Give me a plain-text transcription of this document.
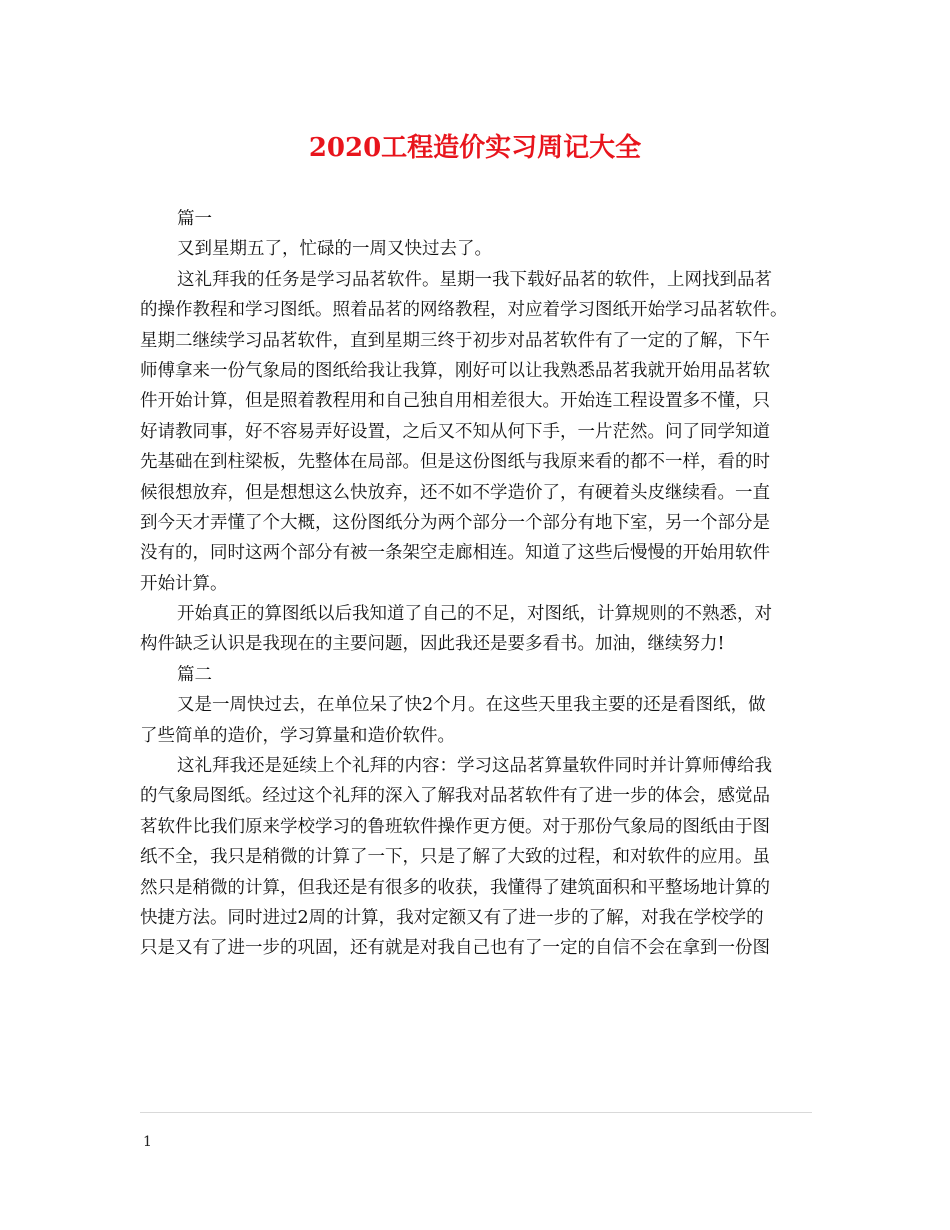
2020工程造价实习周记大全
篇一
又到星期五了，忙碌的一周又快过去了。
这礼拜我的任务是学习品茗软件。星期一我下载好品茗的软件，上网找到品茗
的操作教程和学习图纸。照着品茗的网络教程，对应着学习图纸开始学习品茗软件。
星期二继续学习品茗软件，直到星期三终于初步对品茗软件有了一定的了解，下午
师傅拿来一份气象局的图纸给我让我算，刚好可以让我熟悉品茗我就开始用品茗软
件开始计算，但是照着教程用和自己独自用相差很大。开始连工程设置多不懂，只
好请教同事，好不容易弄好设置，之后又不知从何下手，一片茫然。问了同学知道
先基础在到柱梁板，先整体在局部。但是这份图纸与我原来看的都不一样，看的时
候很想放弃，但是想想这么快放弃，还不如不学造价了，有硬着头皮继续看。一直
到今天才弄懂了个大概，这份图纸分为两个部分一个部分有地下室，另一个部分是
没有的，同时这两个部分有被一条架空走廊相连。知道了这些后慢慢的开始用软件
开始计算。
开始真正的算图纸以后我知道了自己的不足，对图纸，计算规则的不熟悉，对
构件缺乏认识是我现在的主要问题，因此我还是要多看书。加油，继续努力!
篇二
又是一周快过去，在单位呆了快2个月。在这些天里我主要的还是看图纸，做
了些简单的造价，学习算量和造价软件。
这礼拜我还是延续上个礼拜的内容：学习这品茗算量软件同时并计算师傅给我
的气象局图纸。经过这个礼拜的深入了解我对品茗软件有了进一步的体会，感觉品
茗软件比我们原来学校学习的鲁班软件操作更方便。对于那份气象局的图纸由于图
纸不全，我只是稍微的计算了一下，只是了解了大致的过程，和对软件的应用。虽
然只是稍微的计算，但我还是有很多的收获，我懂得了建筑面积和平整场地计算的
快捷方法。同时进过2周的计算，我对定额又有了进一步的了解，对我在学校学的
只是又有了进一步的巩固，还有就是对我自己也有了一定的自信不会在拿到一份图
1
